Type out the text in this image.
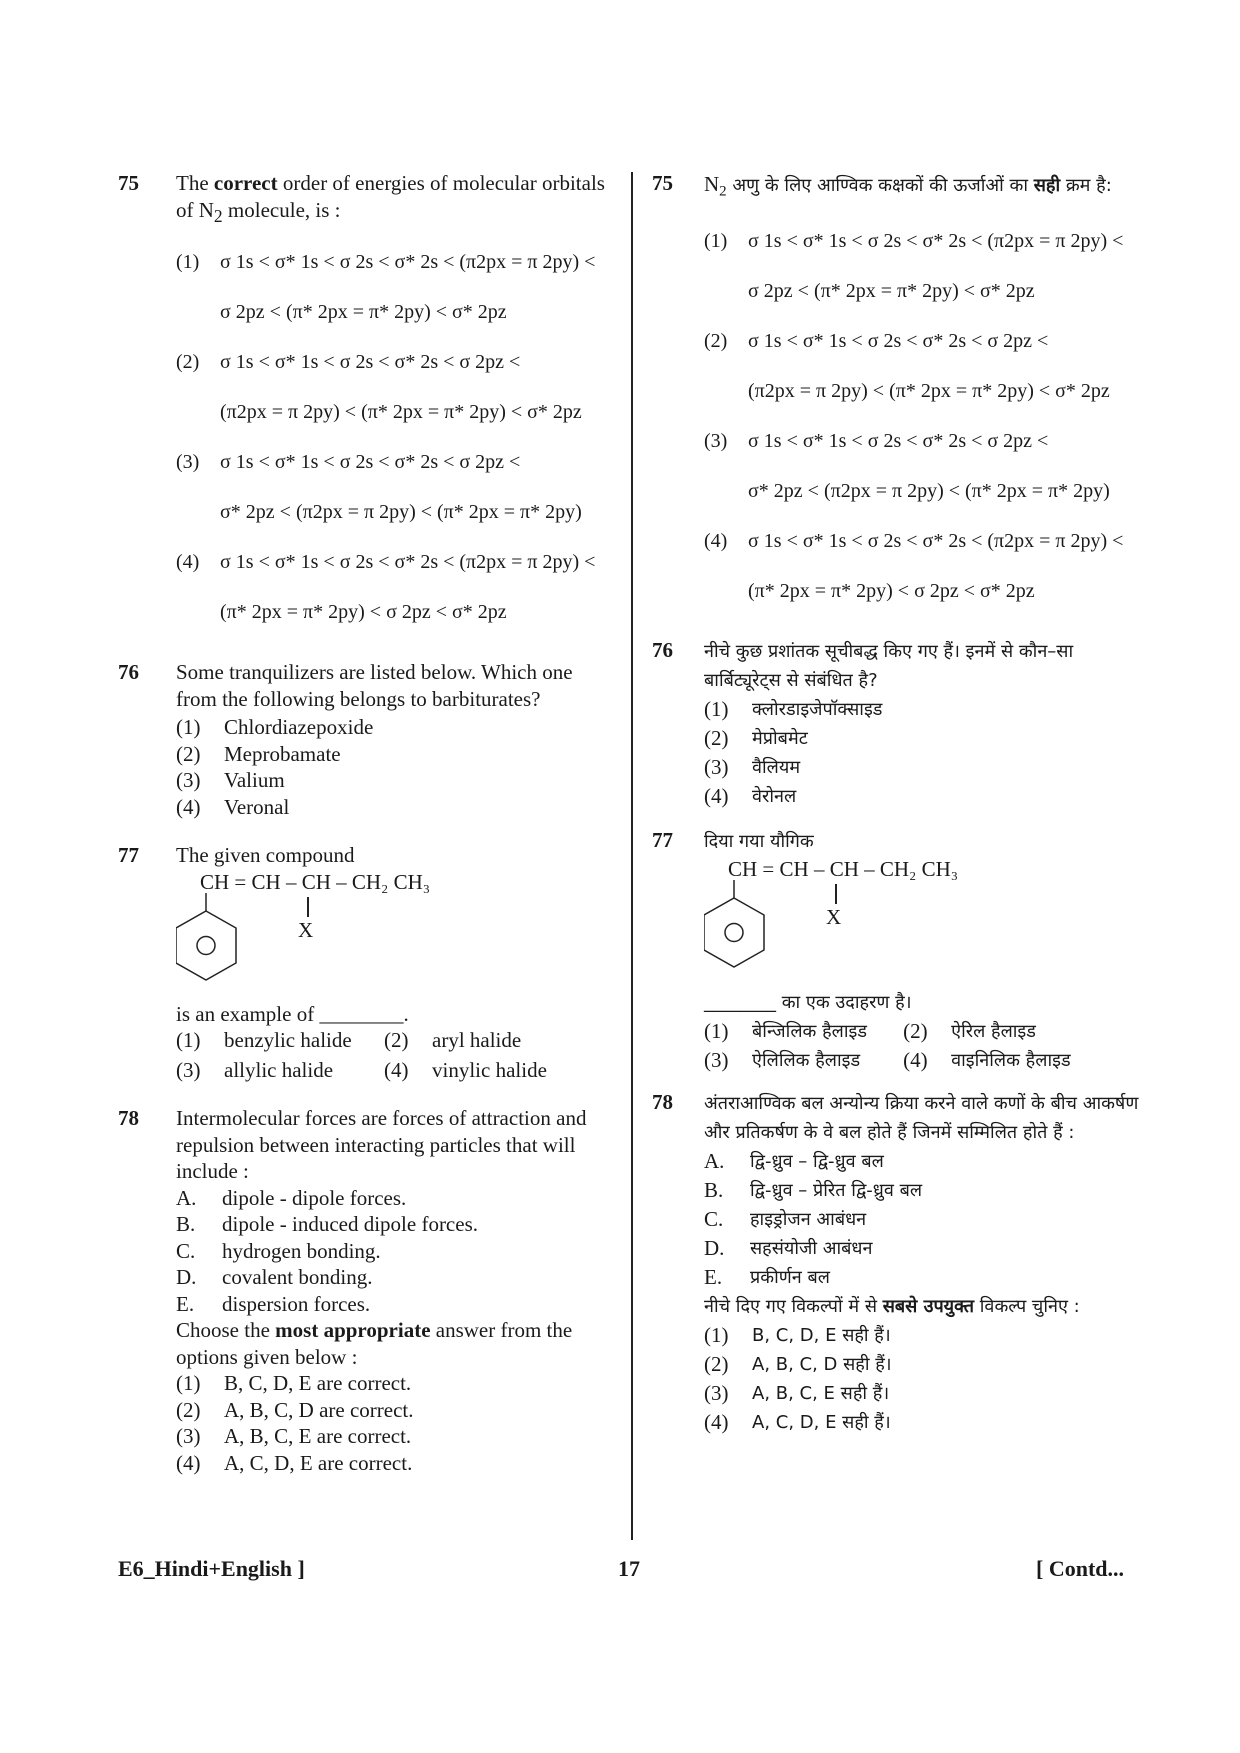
75 The correct order of energies of molecular orbitals of $N_2$ molecule, is :
(1)	σ 1s < σ* 1s < σ 2s < σ* 2s < (π2px = π 2py) <
σ 2pz < (π* 2px = π* 2py) < σ* 2pz
(2)	σ 1s < σ* 1s < σ 2s < σ* 2s < σ 2pz <
(π2px = π 2py) < (π* 2px = π* 2py) < σ* 2pz
(3)	σ 1s < σ* 1s < σ 2s < σ* 2s < σ 2pz <
σ* 2pz < (π2px = π 2py) < (π* 2px = π* 2py)
(4)	σ 1s < σ* 1s < σ 2s < σ* 2s < (π2px = π 2py) <
(π* 2px = π* 2py) < σ 2pz < σ* 2pz
76 Some tranquilizers are listed below. Which one from the following belongs to barbiturates?
(1)	Chlordiazepoxide
(2)	Meprobamate
(3)	Valium
(4)	Veronal
77 The given compound
CH = CH – CH – CH₂ CH₃
X
is an example of ________.
(1)	benzylic halide (2)	aryl halide
(3)	allylic halide (4)	vinylic halide
78 Intermolecular forces are forces of attraction and repulsion between interacting particles that will include :
A.	dipole - dipole forces.
B.	dipole - induced dipole forces.
C.	hydrogen bonding.
D.	covalent bonding.
E.	dispersion forces.
Choose the most appropriate answer from the options given below :
(1)	B, C, D, E are correct.
(2)	A, B, C, D are correct.
(3)	A, B, C, E are correct.
(4)	A, C, D, E are correct.
75 $N_2$ अणु के लिए आण्विक कक्षकों की ऊर्जाओं का सही क्रम है:
(1)	σ 1s < σ* 1s < σ 2s < σ* 2s < (π2px = π 2py) <
σ 2pz < (π* 2px = π* 2py) < σ* 2pz
(2)	σ 1s < σ* 1s < σ 2s < σ* 2s < σ 2pz <
(π2px = π 2py) < (π* 2px = π* 2py) < σ* 2pz
(3)	σ 1s < σ* 1s < σ 2s < σ* 2s < σ 2pz <
σ* 2pz < (π2px = π 2py) < (π* 2px = π* 2py)
(4)	σ 1s < σ* 1s < σ 2s < σ* 2s < (π2px = π 2py) <
(π* 2px = π* 2py) < σ 2pz < σ* 2pz
76 नीचे कुछ प्रशांतक सूचीबद्ध किए गए हैं। इनमें से कौन–सा बार्बिट्यूरेट्स से संबंधित है?
(1)	क्लोरडाइजेपॉक्साइड
(2)	मेप्रोबमेट
(3)	वैलियम
(4)	वेरोनल
77 दिया गया यौगिक
CH = CH – CH – CH₂ CH₃
X
________ का एक उदाहरण है।
(1)	बेन्जिलिक हैलाइड (2)	ऐरिल हैलाइड
(3)	ऐलिलिक हैलाइड (4)	वाइनिलिक हैलाइड
78 अंतराआण्विक बल अन्योन्य क्रिया करने वाले कणों के बीच आकर्षण और प्रतिकर्षण के वे बल होते हैं जिनमें सम्मिलित होते हैं :
A.	द्वि-ध्रुव – द्वि-ध्रुव बल
B.	द्वि-ध्रुव – प्रेरित द्वि-ध्रुव बल
C.	हाइड्रोजन आबंधन
D.	सहसंयोजी आबंधन
E.	प्रकीर्णन बल
नीचे दिए गए विकल्पों में से सबसे उपयुक्त विकल्प चुनिए :
(1)	B, C, D, E सही हैं।
(2)	A, B, C, D सही हैं।
(3)	A, B, C, E सही हैं।
(4)	A, C, D, E सही हैं।
E6_Hindi+English ]	17	[ Contd...
